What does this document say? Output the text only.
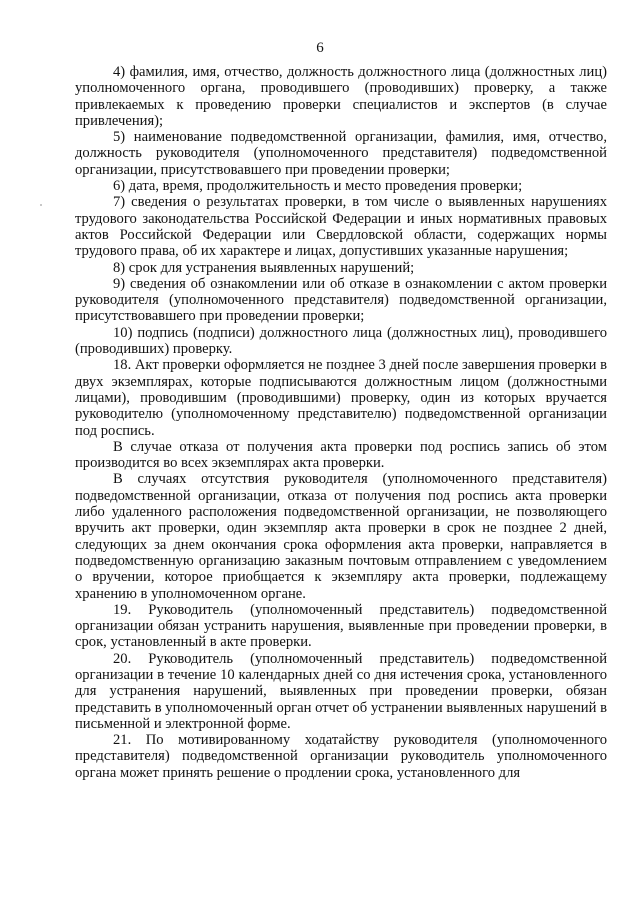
6

4) фамилия, имя, отчество, должность должностного лица (должностных лиц) уполномоченного органа, проводившего (проводивших) проверку, а также привлекаемых к проведению проверки специалистов и экспертов (в случае привлечения);

5) наименование подведомственной организации, фамилия, имя, отчество, должность руководителя (уполномоченного представителя) подведомственной организации, присутствовавшего при проведении проверки;

6) дата, время, продолжительность и место проведения проверки;

7) сведения о результатах проверки, в том числе о выявленных нарушениях трудового законодательства Российской Федерации и иных нормативных правовых актов Российской Федерации или Свердловской области, содержащих нормы трудового права, об их характере и лицах, допустивших указанные нарушения;

8) срок для устранения выявленных нарушений;

9) сведения об ознакомлении или об отказе в ознакомлении с актом проверки руководителя (уполномоченного представителя) подведомственной организации, присутствовавшего при проведении проверки;

10) подпись (подписи) должностного лица (должностных лиц), проводившего (проводивших) проверку.

18. Акт проверки оформляется не позднее 3 дней после завершения проверки в двух экземплярах, которые подписываются должностным лицом (должностными лицами), проводившим (проводившими) проверку, один из которых вручается руководителю (уполномоченному представителю) подведомственной организации под роспись.

В случае отказа от получения акта проверки под роспись запись об этом производится во всех экземплярах акта проверки.

В случаях отсутствия руководителя (уполномоченного представителя) подведомственной организации, отказа от получения под роспись акта проверки либо удаленного расположения подведомственной организации, не позволяющего вручить акт проверки, один экземпляр акта проверки в срок не позднее 2 дней, следующих за днем окончания срока оформления акта проверки, направляется в подведомственную организацию заказным почтовым отправлением с уведомлением о вручении, которое приобщается к экземпляру акта проверки, подлежащему хранению в уполномоченном органе.

19. Руководитель (уполномоченный представитель) подведомственной организации обязан устранить нарушения, выявленные при проведении проверки, в срок, установленный в акте проверки.

20. Руководитель (уполномоченный представитель) подведомственной организации в течение 10 календарных дней со дня истечения срока, установленного для устранения нарушений, выявленных при проведении проверки, обязан представить в уполномоченный орган отчет об устранении выявленных нарушений в письменной и электронной форме.

21. По мотивированному ходатайству руководителя (уполномоченного представителя) подведомственной организации руководитель уполномоченного органа может принять решение о продлении срока, установленного для
